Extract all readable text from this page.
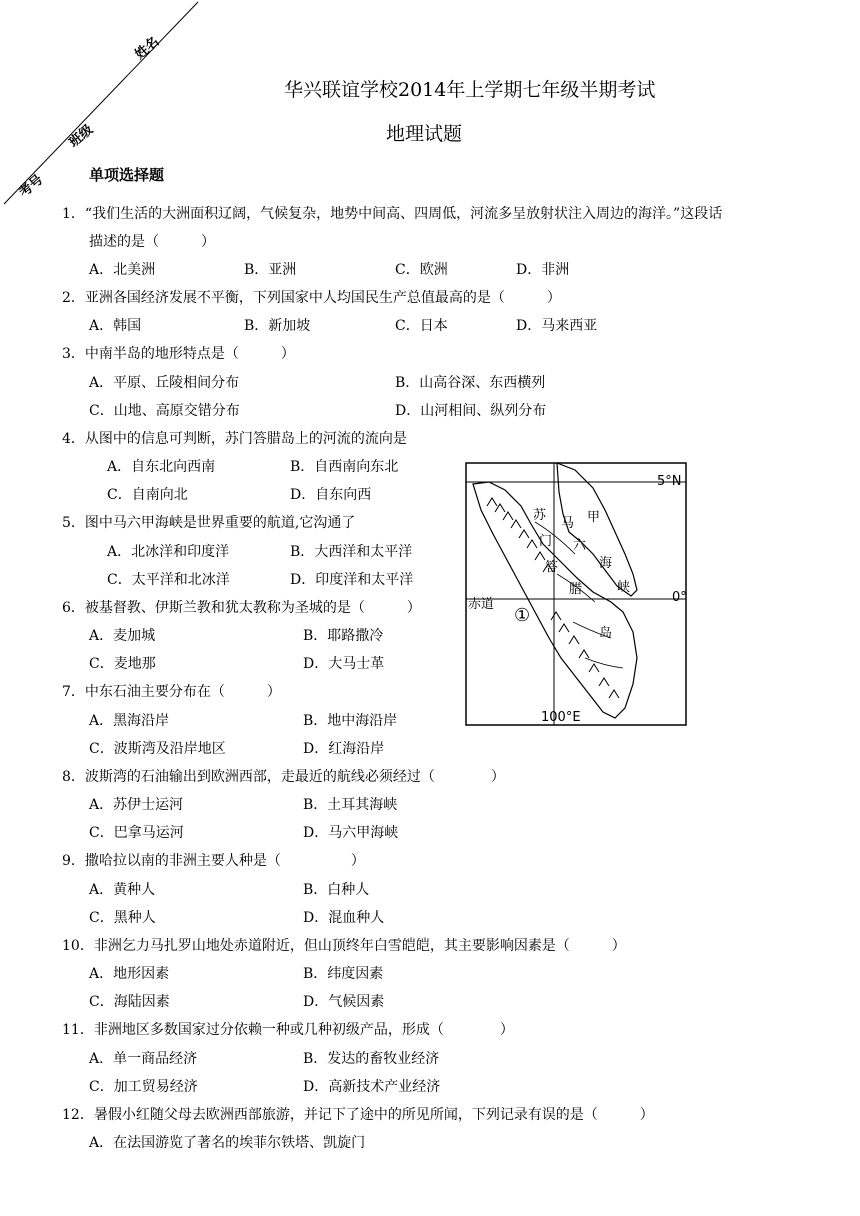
考号
班级
姓名
华兴联谊学校2014年上学期七年级半期考试
地理试题
单项选择题
1．“我们生活的大洲面积辽阔，气候复杂，地势中间高、四周低，河流多呈放射状注入周边的海洋。”这段话
描述的是（　　　）
A．北美洲	B．亚洲	C．欧洲	D．非洲
2．亚洲各国经济发展不平衡，下列国家中人均国民生产总值最高的是（　　　）
A．韩国	B．新加坡	C．日本	D．马来西亚
3．中南半岛的地形特点是（　　　）
A．平原、丘陵相间分布	B．山高谷深、东西横列
C．山地、高原交错分布	D．山河相间、纵列分布
4．从图中的信息可判断，苏门答腊岛上的河流的流向是
A．自东北向西南	B．自西南向东北
C．自南向北	D．自东向西
5．图中马六甲海峡是世界重要的航道,它沟通了
A．北冰洋和印度洋	B．大西洋和太平洋
C．太平洋和北冰洋	D．印度洋和太平洋
6．被基督教、伊斯兰教和犹太教称为圣城的是（　　　）
A．麦加城	B．耶路撒冷
C．麦地那	D．大马士革
7．中东石油主要分布在（　　　）
A．黑海沿岸	B．地中海沿岸
C．波斯湾及沿岸地区	D．红海沿岸
8．波斯湾的石油输出到欧洲西部，走最近的航线必须经过（　　　　）
A．苏伊士运河	B．土耳其海峡
C．巴拿马运河	D．马六甲海峡
9．撒哈拉以南的非洲主要人种是（　　　　　）
A．黄种人	B．白种人
C．黑种人	D．混血种人
10．非洲乞力马扎罗山地处赤道附近，但山顶终年白雪皑皑，其主要影响因素是（　　　）
A．地形因素	B．纬度因素
C．海陆因素	D．气候因素
11．非洲地区多数国家过分依赖一种或几种初级产品，形成（　　　　）
A．单一商品经济	B．发达的畜牧业经济
C．加工贸易经济	D．高新技术产业经济
12．暑假小红随父母去欧洲西部旅游，并记下了途中的所见所闻，下列记录有误的是（　　　）
A．在法国游览了著名的埃菲尔铁塔、凯旋门
5°N
0°
赤道
100°E
①
苏
门
答
腊
岛
马
六
甲
海
峡
